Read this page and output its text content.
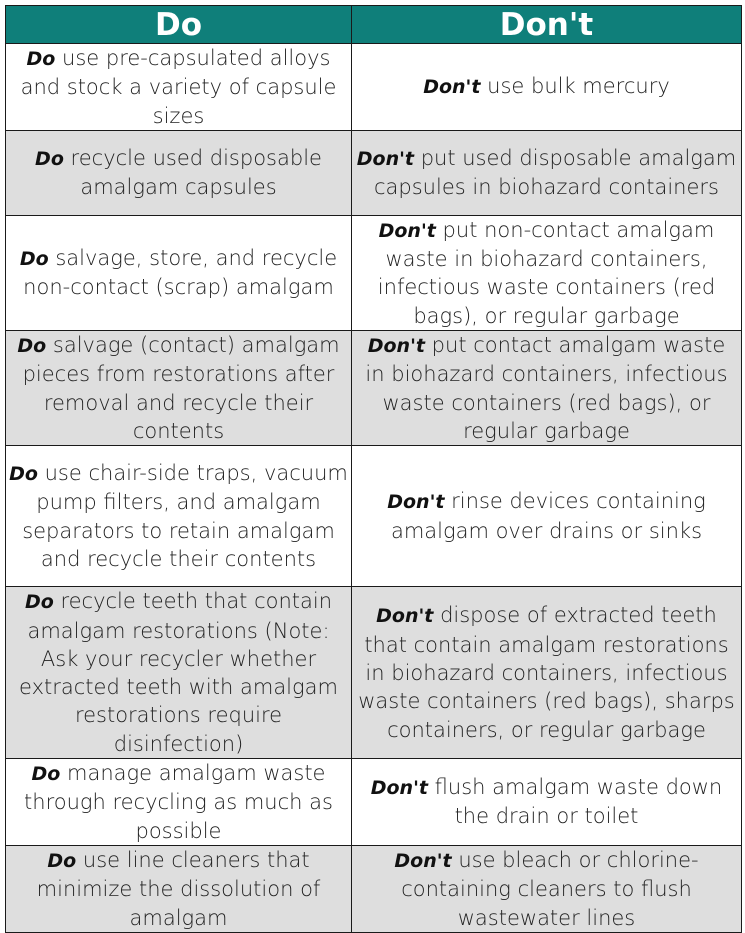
Do	Don't
Do use pre-capsulated alloys and stock a variety of capsule sizes	Don't use bulk mercury
Do recycle used disposable amalgam capsules	Don't put used disposable amalgam capsules in biohazard containers
Do salvage, store, and recycle non-contact (scrap) amalgam	Don't put non-contact amalgam waste in biohazard containers, infectious waste containers (red bags), or regular garbage
Do salvage (contact) amalgam pieces from restorations after removal and recycle their contents	Don't put contact amalgam waste in biohazard containers, infectious waste containers (red bags), or regular garbage
Do use chair-side traps, vacuum pump filters, and amalgam separators to retain amalgam and recycle their contents	Don't rinse devices containing amalgam over drains or sinks
Do recycle teeth that contain amalgam restorations (Note: Ask your recycler whether extracted teeth with amalgam restorations require disinfection)	Don't dispose of extracted teeth that contain amalgam restorations in biohazard containers, infectious waste containers (red bags), sharps containers, or regular garbage
Do manage amalgam waste through recycling as much as possible	Don't flush amalgam waste down the drain or toilet
Do use line cleaners that minimize the dissolution of amalgam	Don't use bleach or chlorine-containing cleaners to flush wastewater lines
